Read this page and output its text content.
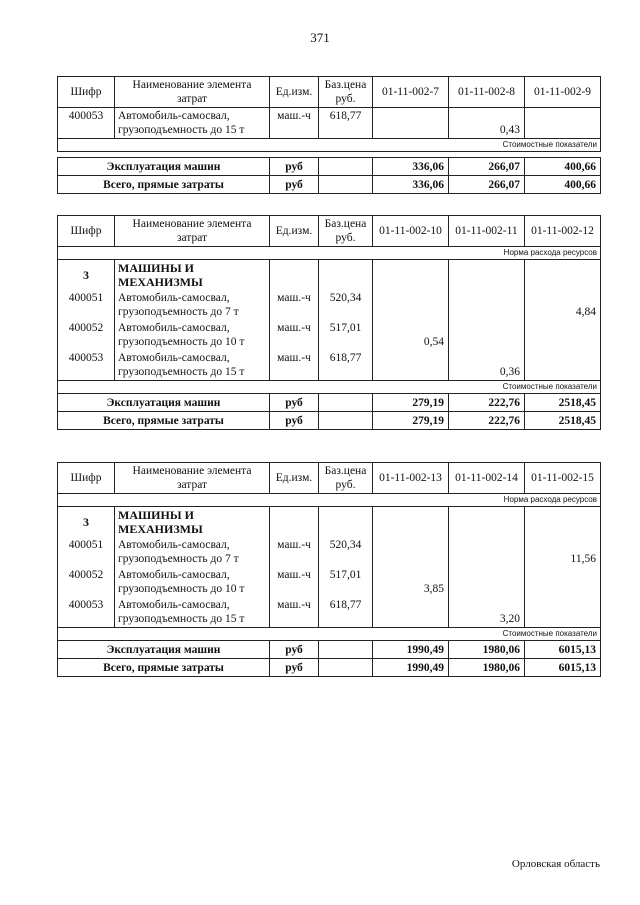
371
Шифр	Наименование элемента затрат	Ед.изм.	Баз.цена руб.	01-11-002-7	01-11-002-8	01-11-002-9
400053	Автомобиль-самосвал, грузоподъемность до 15 т	маш.-ч	618,77		0,43	
Стоимостные показатели						
Эксплуатация машин	руб		336,06	266,07	400,66
Всего, прямые затраты	руб		336,06	266,07	400,66
Шифр	Наименование элемента затрат	Ед.изм.	Баз.цена руб.	01-11-002-10	01-11-002-11	01-11-002-12
Норма расхода ресурсов						
3	МАШИНЫ И МЕХАНИЗМЫ					
400051	Автомобиль-самосвал, грузоподъемность до 7 т	маш.-ч	520,34			4,84
400052	Автомобиль-самосвал, грузоподъемность до 10 т	маш.-ч	517,01	0,54		
400053	Автомобиль-самосвал, грузоподъемность до 15 т	маш.-ч	618,77		0,36	
Стоимостные показатели						
Эксплуатация машин		руб		279,19	222,76	2518,45
Всего, прямые затраты		руб		279,19	222,76	2518,45
Шифр	Наименование элемента затрат	Ед.изм.	Баз.цена руб.	01-11-002-13	01-11-002-14	01-11-002-15
Норма расхода ресурсов						
3	МАШИНЫ И МЕХАНИЗМЫ					
400051	Автомобиль-самосвал, грузоподъемность до 7 т	маш.-ч	520,34			11,56
400052	Автомобиль-самосвал, грузоподъемность до 10 т	маш.-ч	517,01	3,85		
400053	Автомобиль-самосвал, грузоподъемность до 15 т	маш.-ч	618,77		3,20	
Стоимостные показатели						
Эксплуатация машин		руб		1990,49	1980,06	6015,13
Всего, прямые затраты		руб		1990,49	1980,06	6015,13
Орловская область
